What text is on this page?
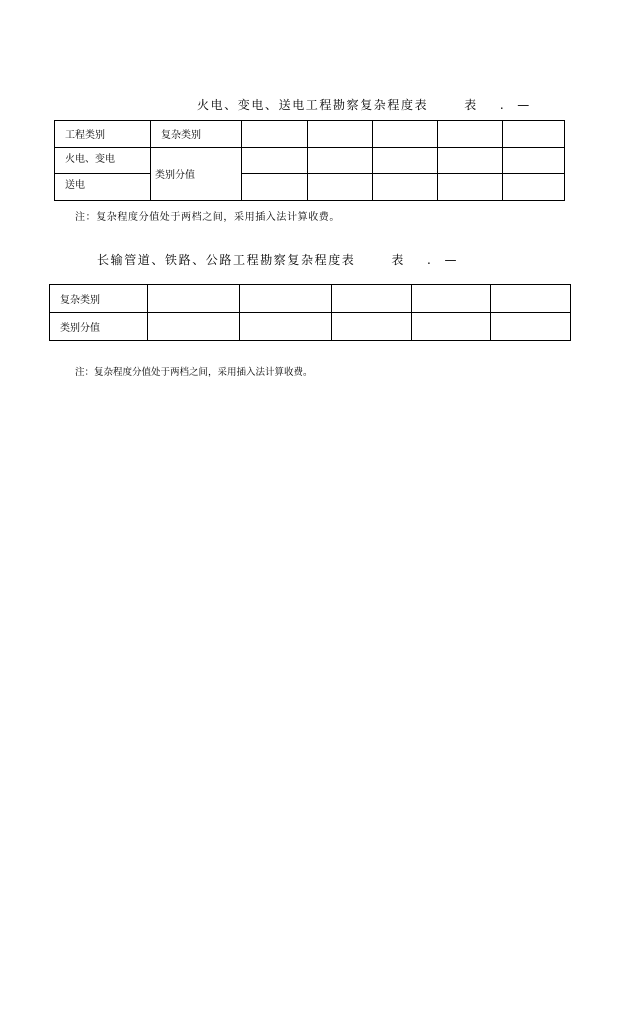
火电、变电、送电工程勘察复杂程度表	表 . —
工程类别	复杂类别					
火电、变电	类别分值					
送电						
注：复杂程度分值处于两档之间，采用插入法计算收费。
长输管道、铁路、公路工程勘察复杂程度表	表 . —
复杂类别					
类别分值					
注：复杂程度分值处于两档之间，采用插入法计算收费。
